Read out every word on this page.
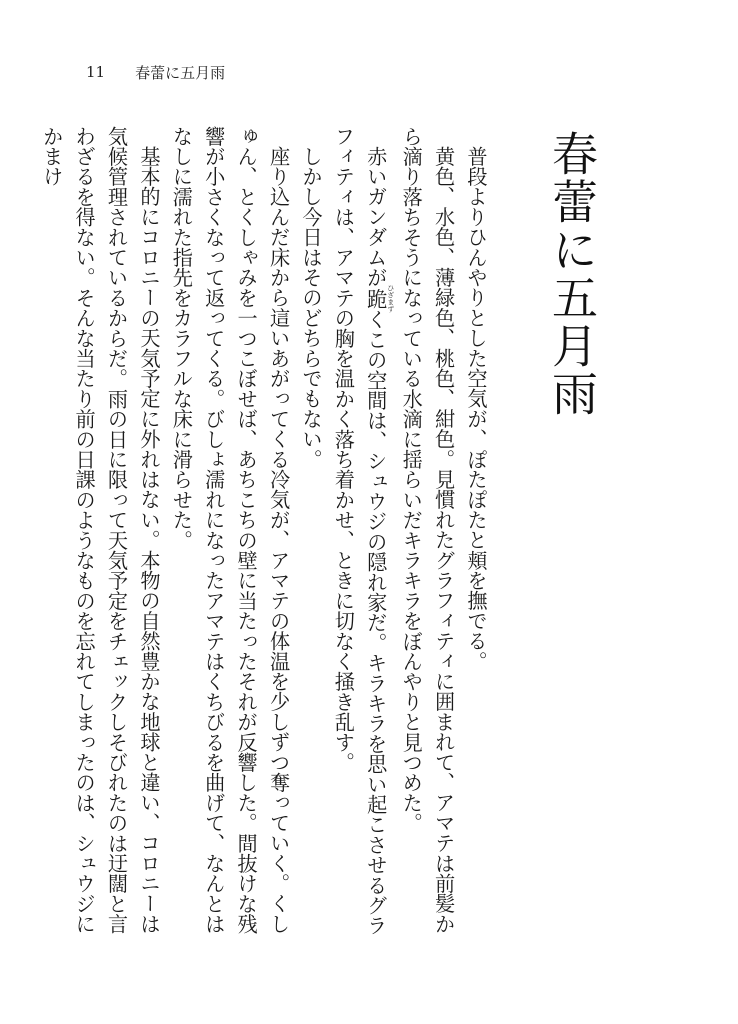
11 春蕾に五月雨
春蕾に五月雨

普段よりひんやりとした空気が、ぽたぽたと頬を撫でる。

黄色、水色、薄緑色、桃色、紺色。見慣れたグラフィティに囲まれて、アマテは前髪から滴り落ちそうになっている水滴に揺らいだキラキラをぼんやりと見つめた。

赤いガンダムが跪 ひざまずくこの空間は、シュウジの隠れ家だ。キラキラを思い起こさせるグラフィティは、アマテの胸を温かく落ち着かせ、ときに切なく掻き乱す。

しかし今日はそのどちらでもない。

座り込んだ床から這いあがってくる冷気が、アマテの体温を少しずつ奪っていく。くしゅん、とくしゃみを一つこぼせば、あちこちの壁に当たったそれが反響した。間抜けな残響が小さくなって返ってくる。びしょ濡れになったアマテはくちびるを曲げて、なんとはなしに濡れた指先をカラフルな床に滑らせた。

基本的にコロニーの天気予定に外れはない。本物の自然豊かな地球と違い、コロニーは気候管理されているからだ。雨の日に限って天気予定をチェックしそびれたのは迂闊と言わざるを得ない。そんな当たり前の日課のようなものを忘れてしまったのは、シュウジにかまけ
